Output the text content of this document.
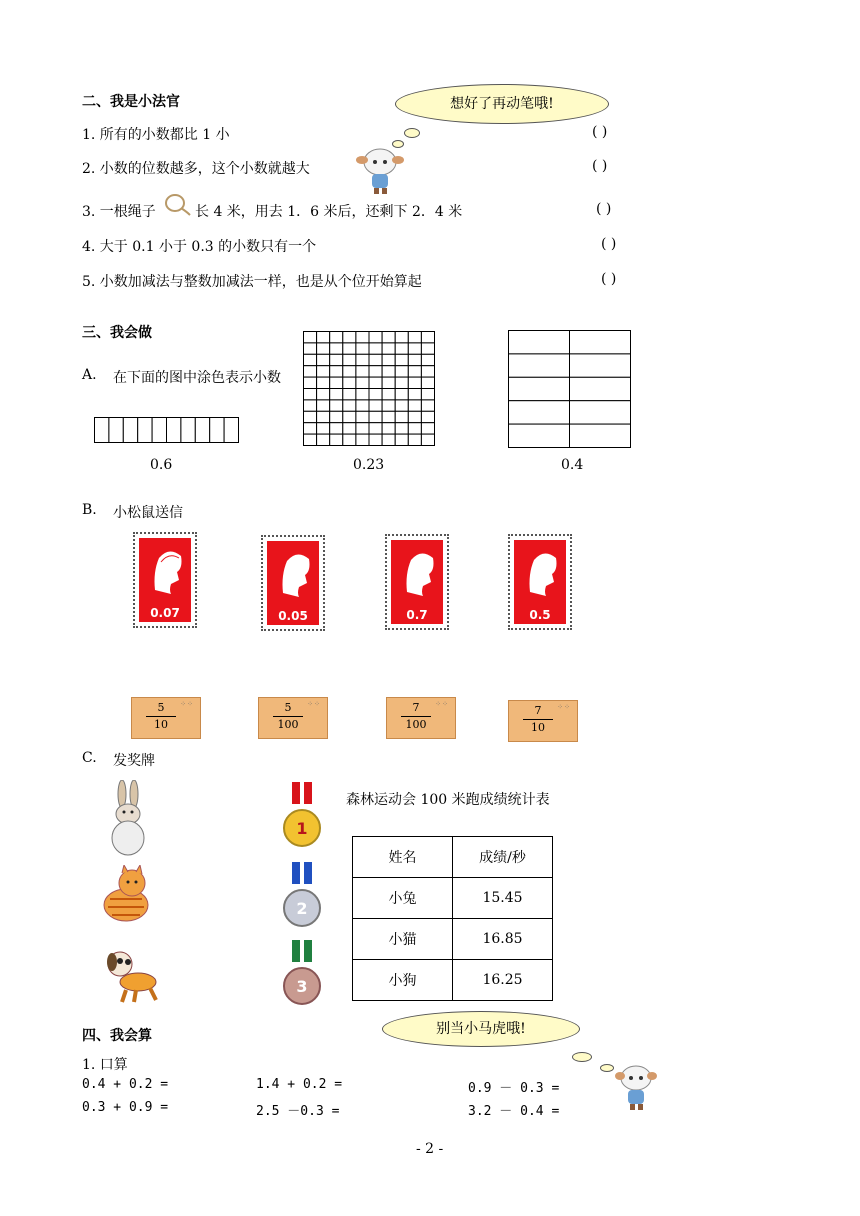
二、我是小法官	想好了再动笔哦!
1. 所有的小数都比 1 小	( )
2. 小数的位数越多，这个小数就越大	( )
3. 一根绳子	长 4 米，用去 1．6 米后，还剩下 2．4 米	( )
4. 大于 0.1 小于 0.3 的小数只有一个	( )
5. 小数加减法与整数加减法一样，也是从个位开始算起	( )
三、我会做
A. 在下面的图中涂色表示小数
0.6	0.23	0.4
B. 小松鼠送信
0.07	0.05	0.7	0.5
⁘⁘
5
10
⁘⁘
5
100
⁘⁘
7
100
⁘⁘
7
10
C. 发奖牌
1
2
3
森林运动会 100 米跑成绩统计表
姓名	成绩/秒
小兔	15.45
小猫	16.85
小狗	16.25
四、我会算	别当小马虎哦!
1. 口算
0.4 + 0.2 =	1.4 + 0.2 =	0.9 － 0.3 =
0.3 + 0.9 =	2.5 －0.3 =	3.2 － 0.4 =
- 2 -
